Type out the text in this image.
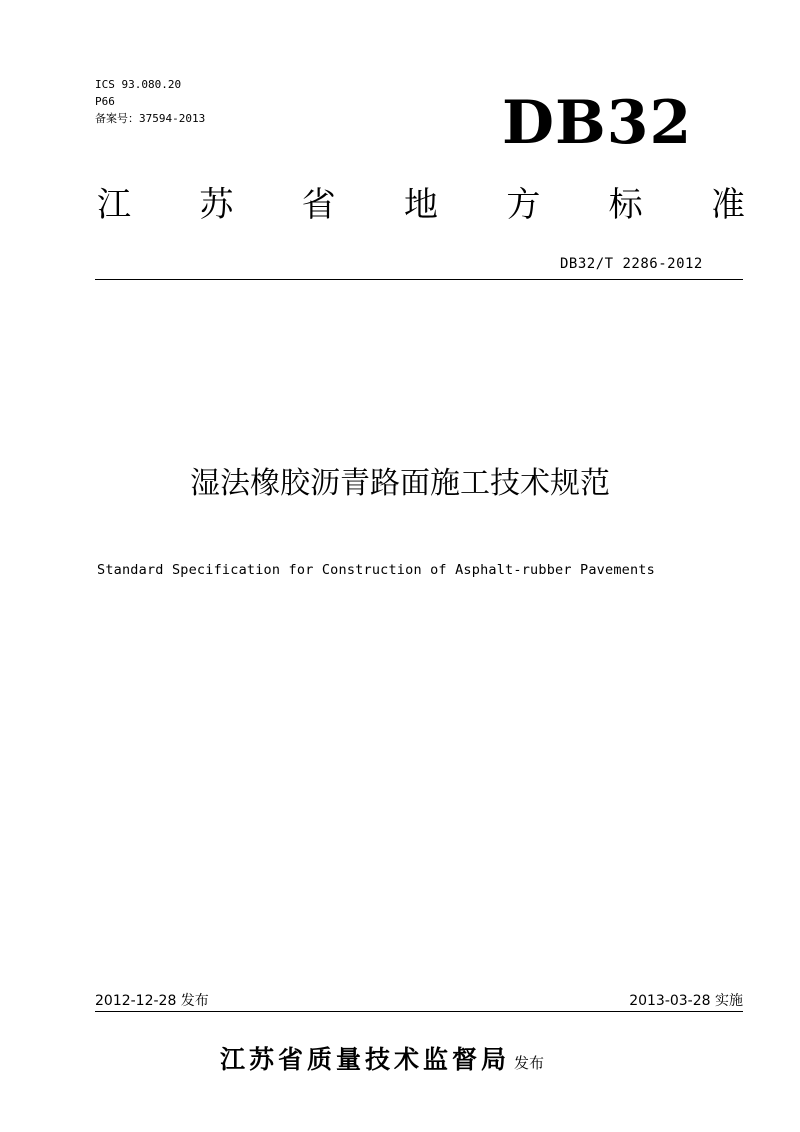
ICS 93.080.20
P66
备案号：37594-2013	DB32
江 苏 省 地 方 标 准
DB32/T 2286-2012
湿法橡胶沥青路面施工技术规范
Standard Specification for Construction of Asphalt-rubber Pavements
2012-12-28 发布	2013-03-28 实施
江苏省质量技术监督局 发布
